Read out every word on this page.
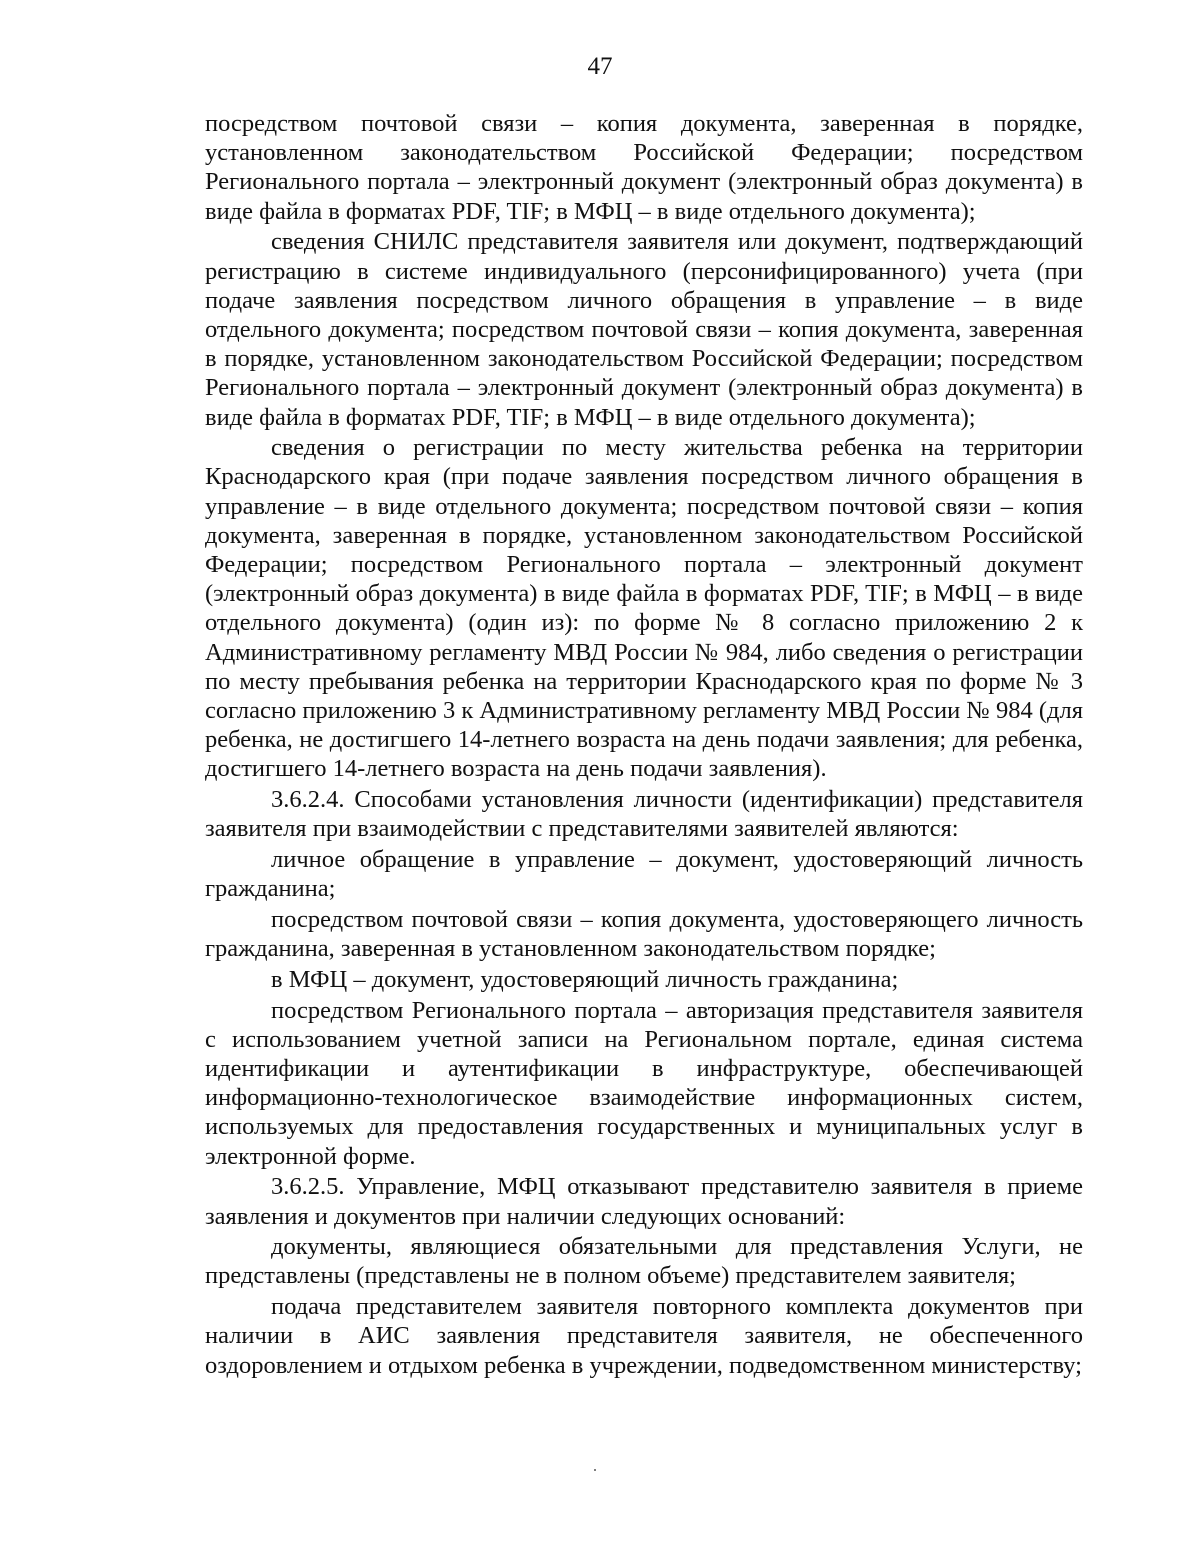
47

посредством почтовой связи – копия документа, заверенная в порядке, установленном законодательством Российской Федерации; посредством Регионального портала – электронный документ (электронный образ документа) в виде файла в форматах PDF, TIF; в МФЦ – в виде отдельного документа);

сведения СНИЛС представителя заявителя или документ, подтверждающий регистрацию в системе индивидуального (персонифицированного) учета (при подаче заявления посредством личного обращения в управление – в виде отдельного документа; посредством почтовой связи – копия документа, заверенная в порядке, установленном законодательством Российской Федерации; посредством Регионального портала – электронный документ (электронный образ документа) в виде файла в форматах PDF, TIF; в МФЦ – в виде отдельного документа);

сведения о регистрации по месту жительства ребенка на территории Краснодарского края (при подаче заявления посредством личного обращения в управление – в виде отдельного документа; посредством почтовой связи – копия документа, заверенная в порядке, установленном законодательством Российской Федерации; посредством Регионального портала – электронный документ (электронный образ документа) в виде файла в форматах PDF, TIF; в МФЦ – в виде отдельного документа) (один из): по форме № 8 согласно приложению 2 к Административному регламенту МВД России № 984, либо сведения о регистрации по месту пребывания ребенка на территории Краснодарского края по форме № 3 согласно приложению 3 к Административному регламенту МВД России № 984 (для ребенка, не достигшего 14-летнего возраста на день подачи заявления; для ребенка, достигшего 14-летнего возраста на день подачи заявления).

3.6.2.4. Способами установления личности (идентификации) представителя заявителя при взаимодействии с представителями заявителей являются:

личное обращение в управление – документ, удостоверяющий личность гражданина;

посредством почтовой связи – копия документа, удостоверяющего личность гражданина, заверенная в установленном законодательством порядке;

в МФЦ – документ, удостоверяющий личность гражданина;

посредством Регионального портала – авторизация представителя заявителя с использованием учетной записи на Региональном портале, единая система идентификации и аутентификации в инфраструктуре, обеспечивающей информационно-технологическое взаимодействие информационных систем, используемых для предоставления государственных и муниципальных услуг в электронной форме.

3.6.2.5. Управление, МФЦ отказывают представителю заявителя в приеме заявления и документов при наличии следующих оснований:

документы, являющиеся обязательными для представления Услуги, не представлены (представлены не в полном объеме) представителем заявителя;

подача представителем заявителя повторного комплекта документов при наличии в АИС заявления представителя заявителя, не обеспеченного оздоровлением и отдыхом ребенка в учреждении, подведомственном министерству;
